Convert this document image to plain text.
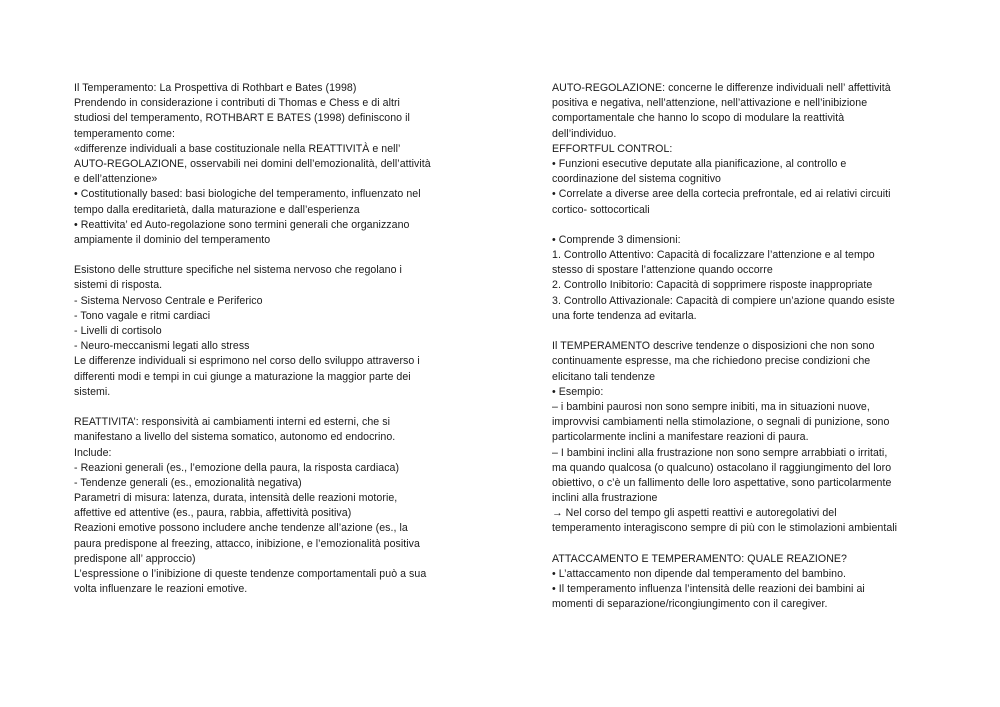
Il Temperamento: La Prospettiva di Rothbart e Bates (1998)
Prendendo in considerazione i contributi di Thomas e Chess e di altri
studiosi del temperamento, ROTHBART E BATES (1998) definiscono il
temperamento come:
«differenze individuali a base costituzionale nella REATTIVITÀ e nell’
AUTO-REGOLAZIONE, osservabili nei domini dell’emozionalità, dell’attività
e dell’attenzione»
• Costitutionally based: basi biologiche del temperamento, influenzato nel
tempo dalla ereditarietà, dalla maturazione e dall’esperienza
• Reattivita’ ed Auto-regolazione sono termini generali che organizzano
ampiamente il dominio del temperamento
Esistono delle strutture specifiche nel sistema nervoso che regolano i
sistemi di risposta.
- Sistema Nervoso Centrale e Periferico
- Tono vagale e ritmi cardiaci
- Livelli di cortisolo
- Neuro-meccanismi legati allo stress
Le differenze individuali si esprimono nel corso dello sviluppo attraverso i
differenti modi e tempi in cui giunge a maturazione la maggior parte dei
sistemi.
REATTIVITA’: responsività ai cambiamenti interni ed esterni, che si
manifestano a livello del sistema somatico, autonomo ed endocrino.
Include:
- Reazioni generali (es., l’emozione della paura, la risposta cardiaca)
- Tendenze generali (es., emozionalità negativa)
Parametri di misura: latenza, durata, intensità delle reazioni motorie,
affettive ed attentive (es., paura, rabbia, affettività positiva)
Reazioni emotive possono includere anche tendenze all’azione (es., la
paura predispone al freezing, attacco, inibizione, e l’emozionalità positiva
predispone all’ approccio)
L’espressione o l’inibizione di queste tendenze comportamentali può a sua
volta influenzare le reazioni emotive.
AUTO-REGOLAZIONE: concerne le differenze individuali nell’ affettività
positiva e negativa, nell’attenzione, nell’attivazione e nell’inibizione
comportamentale che hanno lo scopo di modulare la reattività
dell’individuo.
EFFORTFUL CONTROL:
• Funzioni esecutive deputate alla pianificazione, al controllo e
coordinazione del sistema cognitivo
• Correlate a diverse aree della cortecia prefrontale, ed ai relativi circuiti
cortico- sottocorticali
• Comprende 3 dimensioni:
1. Controllo Attentivo: Capacità di focalizzare l’attenzione e al tempo
stesso di spostare l’attenzione quando occorre
2. Controllo Inibitorio: Capacità di sopprimere risposte inappropriate
3. Controllo Attivazionale: Capacità di compiere un’azione quando esiste
una forte tendenza ad evitarla.
Il TEMPERAMENTO descrive tendenze o disposizioni che non sono
continuamente espresse, ma che richiedono precise condizioni che
elicitano tali tendenze
• Esempio:
– i bambini paurosi non sono sempre inibiti, ma in situazioni nuove,
improvvisi cambiamenti nella stimolazione, o segnali di punizione, sono
particolarmente inclini a manifestare reazioni di paura.
– I bambini inclini alla frustrazione non sono sempre arrabbiati o irritati,
ma quando qualcosa (o qualcuno) ostacolano il raggiungimento del loro
obiettivo, o c’è un fallimento delle loro aspettative, sono particolarmente
inclini alla frustrazione
→ Nel corso del tempo gli aspetti reattivi e autoregolativi del
temperamento interagiscono sempre di più con le stimolazioni ambientali
ATTACCAMENTO E TEMPERAMENTO: QUALE REAZIONE?
• L’attaccamento non dipende dal temperamento del bambino.
• Il temperamento influenza l’intensità delle reazioni dei bambini ai
momenti di separazione/ricongiungimento con il caregiver.
